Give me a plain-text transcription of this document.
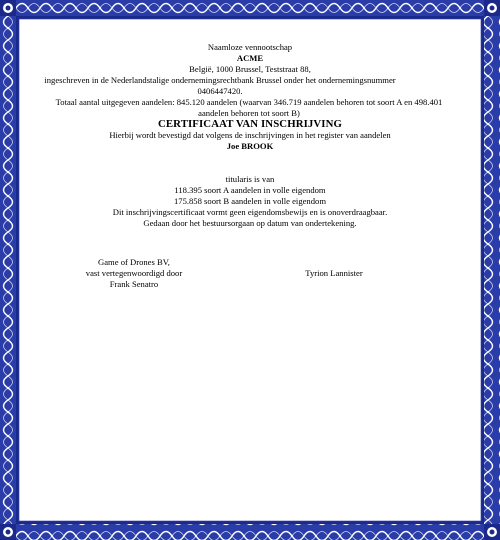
Naamloze vennootschap

ACME

België, 1000 Brussel, Teststraat 88,

ingeschreven in de Nederlandstalige ondernemingsrechtbank Brussel onder het ondernemingsnummer 0406447420.

Totaal aantal uitgegeven aandelen: 845.120 aandelen (waarvan 346.719 aandelen behoren tot soort A en 498.401 aandelen behoren tot soort B)

CERTIFICAAT VAN INSCHRIJVING

Hierbij wordt bevestigd dat volgens de inschrijvingen in het register van aandelen

Joe BROOK

titularis is van

118.395 soort A aandelen in volle eigendom

175.858 soort B aandelen in volle eigendom

Dit inschrijvingscertificaat vormt geen eigendomsbewijs en is onoverdraagbaar.

Gedaan door het bestuursorgaan op datum van ondertekening.

Game of Drones BV,

vast vertegenwoordigd door

Frank Senatro

Tyrion Lannister
